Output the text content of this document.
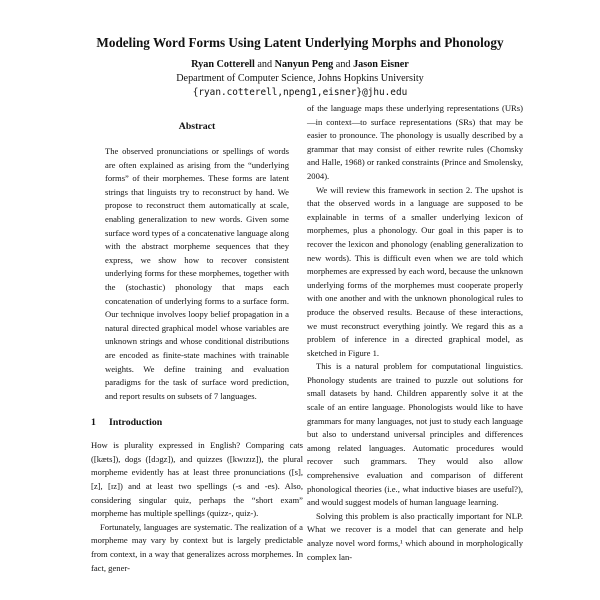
Modeling Word Forms Using Latent Underlying Morphs and Phonology
Ryan Cotterell and Nanyun Peng and Jason Eisner
Department of Computer Science, Johns Hopkins University
{ryan.cotterell,npeng1,eisner}@jhu.edu
Abstract

The observed pronunciations or spellings of words are often explained as arising from the “underlying forms” of their morphemes. These forms are latent strings that linguists try to reconstruct by hand. We propose to reconstruct them automatically at scale, enabling generalization to new words. Given some surface word types of a concatenative language along with the abstract morpheme sequences that they express, we show how to recover consistent underlying forms for these morphemes, together with the (stochastic) phonology that maps each concatenation of underlying forms to a surface form. Our technique involves loopy belief propagation in a natural directed graphical model whose variables are unknown strings and whose conditional distributions are encoded as finite-state machines with trainable weights. We define training and evaluation paradigms for the task of surface word prediction, and report results on subsets of 7 languages.

1 Introduction

How is plurality expressed in English? Comparing cats ([kæts]), dogs ([dɔgz]), and quizzes ([kwɪzɪz]), the plural morpheme evidently has at least three pronunciations ([s], [z], [ɪz]) and at least two spellings (-s and -es). Also, considering singular quiz, perhaps the “short exam” morpheme has multiple spellings (quizz-, quiz-).

Fortunately, languages are systematic. The realization of a morpheme may vary by context but is largely predictable from context, in a way that generalizes across morphemes. In fact, gener-

of the language maps these underlying representations (URs)—in context—to surface representations (SRs) that may be easier to pronounce. The phonology is usually described by a grammar that may consist of either rewrite rules (Chomsky and Halle, 1968) or ranked constraints (Prince and Smolensky, 2004).

We will review this framework in section 2. The upshot is that the observed words in a language are supposed to be explainable in terms of a smaller underlying lexicon of morphemes, plus a phonology. Our goal in this paper is to recover the lexicon and phonology (enabling generalization to new words). This is difficult even when we are told which morphemes are expressed by each word, because the unknown underlying forms of the morphemes must cooperate properly with one another and with the unknown phonological rules to produce the observed results. Because of these interactions, we must reconstruct everything jointly. We regard this as a problem of inference in a directed graphical model, as sketched in Figure 1.

This is a natural problem for computational linguistics. Phonology students are trained to puzzle out solutions for small datasets by hand. Children apparently solve it at the scale of an entire language. Phonologists would like to have grammars for many languages, not just to study each language but also to understand universal principles and differences among related languages. Automatic procedures would recover such grammars. They would also allow comprehensive evaluation and comparison of different phonological theories (i.e., what inductive biases are useful?), and would suggest models of human language learning.

Solving this problem is also practically important for NLP. What we recover is a model that can generate and help analyze novel word forms,¹ which abound in morphologically complex lan-
